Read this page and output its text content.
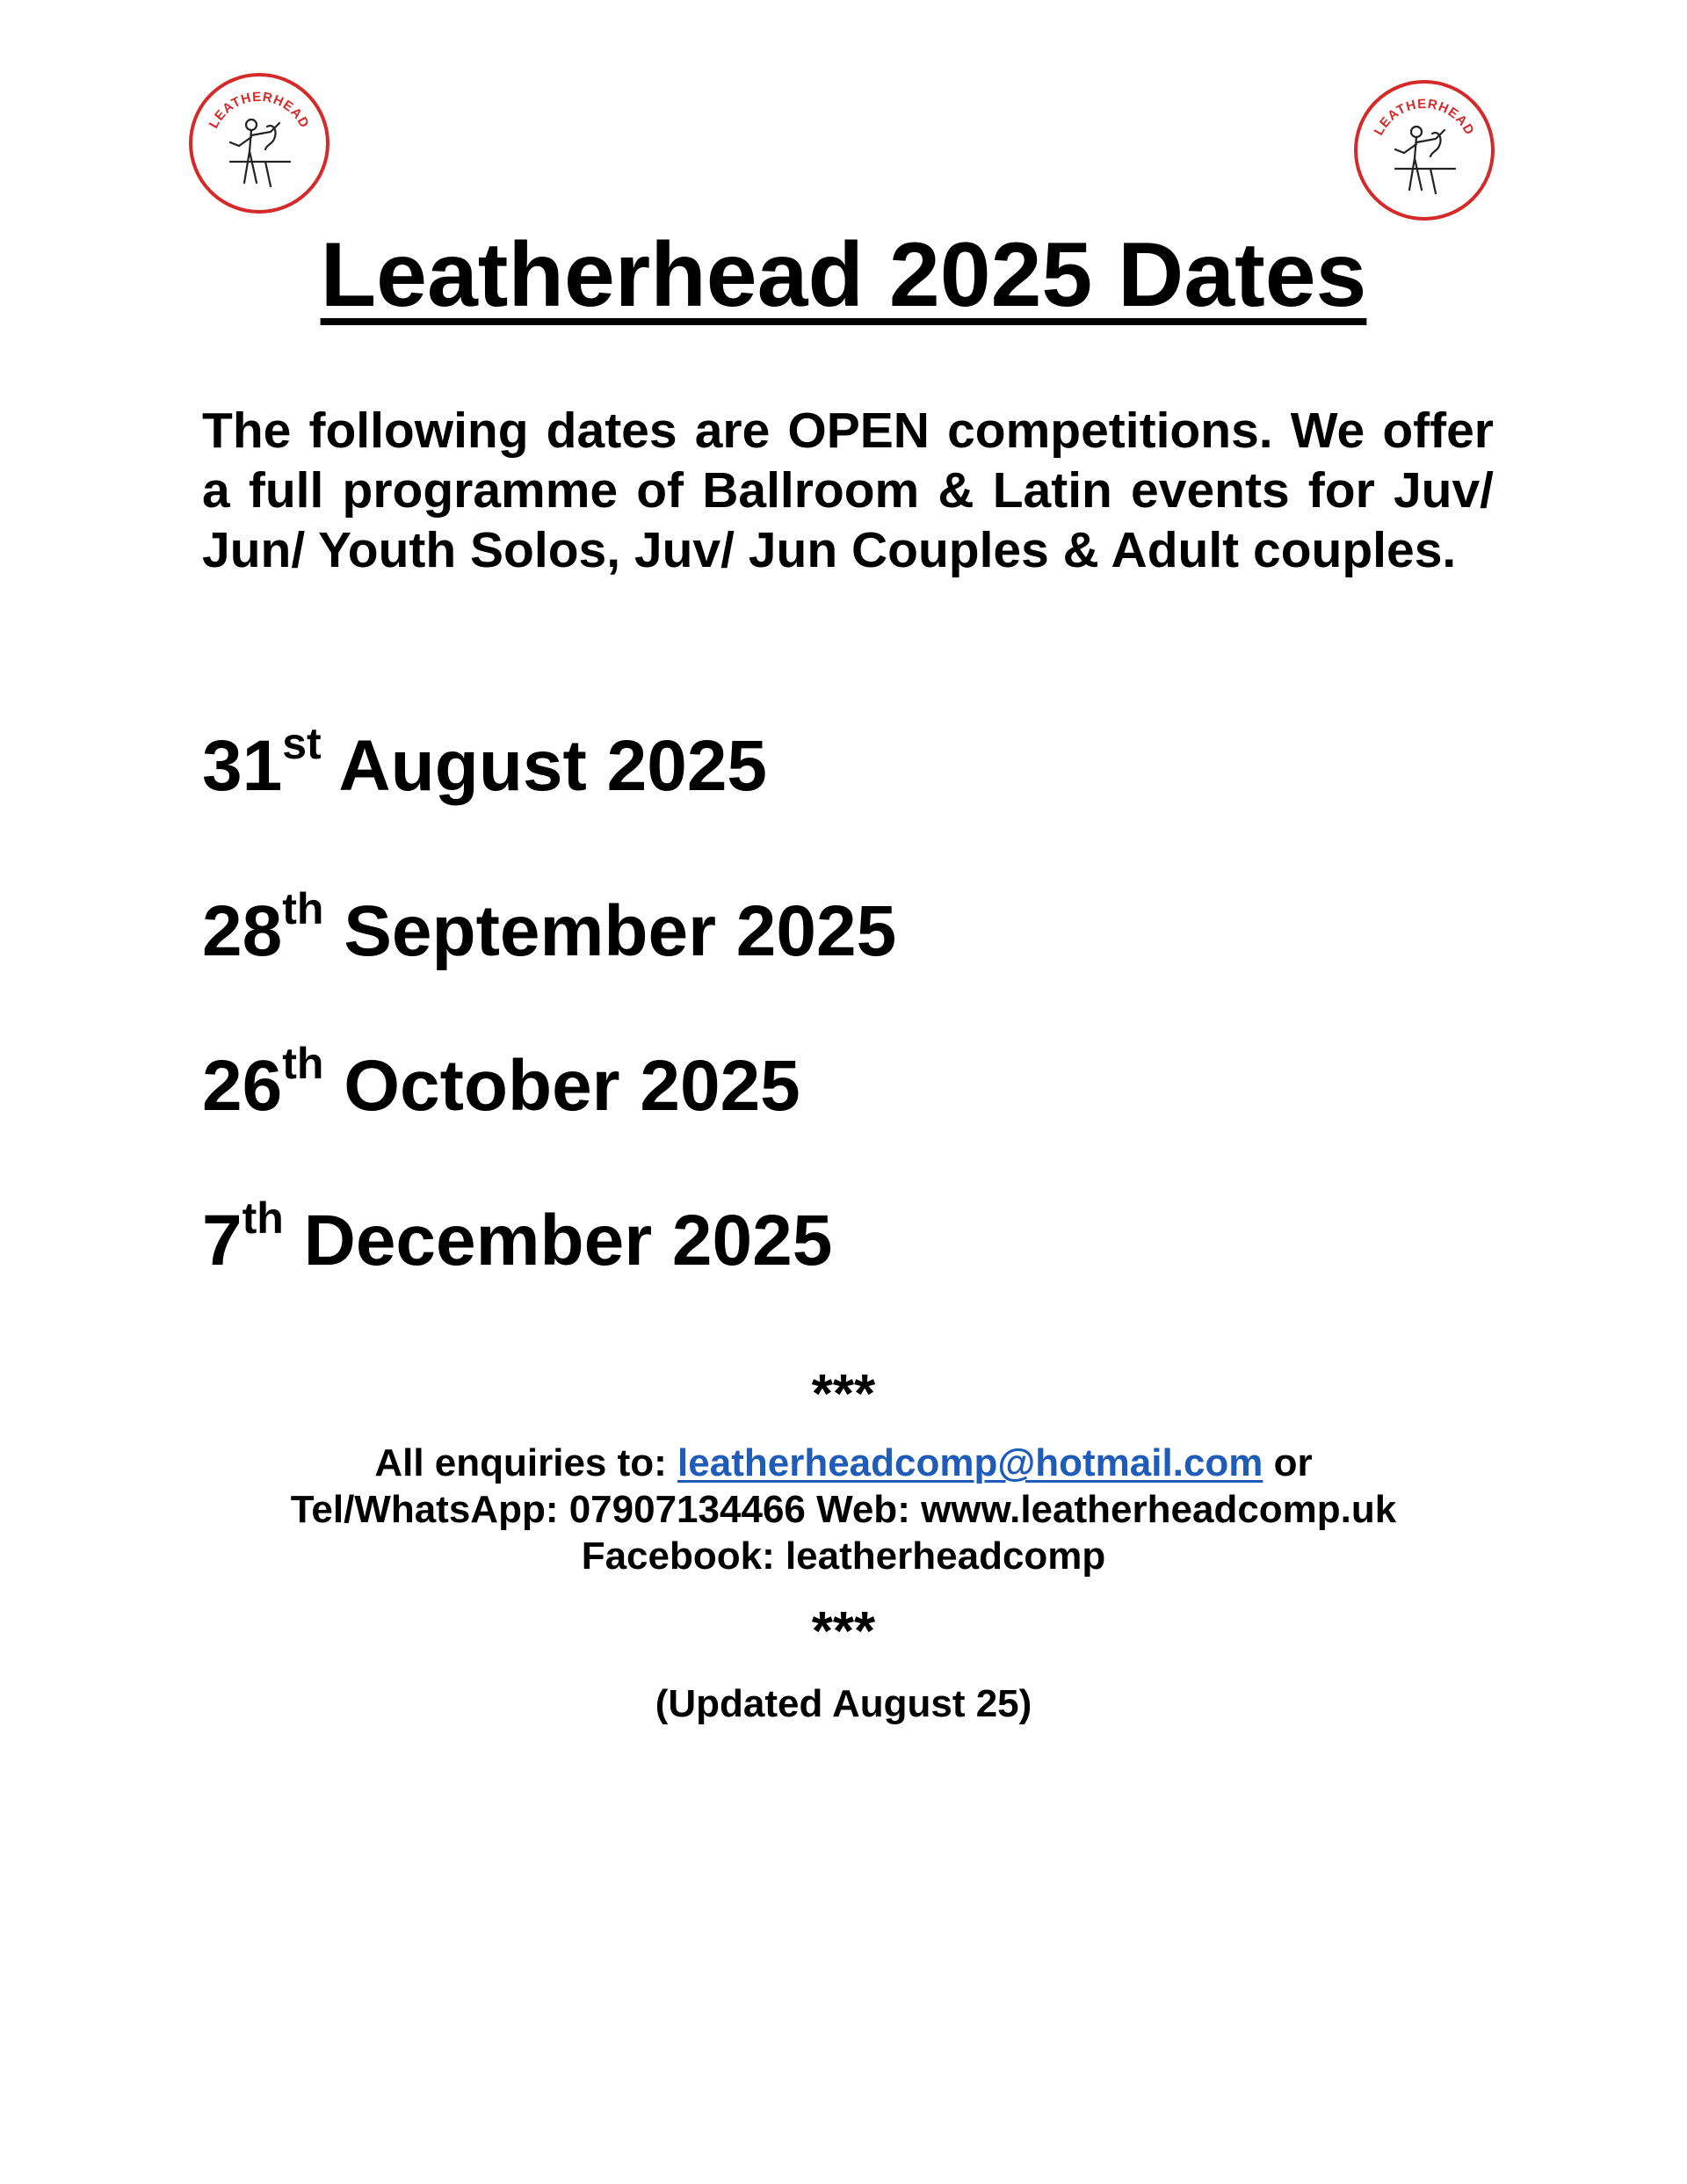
LEATHERHEAD	LEATHERHEAD
Leatherhead 2025 Dates

The following dates are OPEN competitions. We offer a full programme of Ballroom & Latin events for Juv/ Jun/ Youth Solos, Juv/ Jun Couples & Adult couples.

31st August 2025

28th September 2025

26th October 2025

7th December 2025

***

All enquiries to: leatherheadcomp@hotmail.com or

Tel/WhatsApp: 07907134466 Web: www.leatherheadcomp.uk

Facebook: leatherheadcomp

***

(Updated August 25)
